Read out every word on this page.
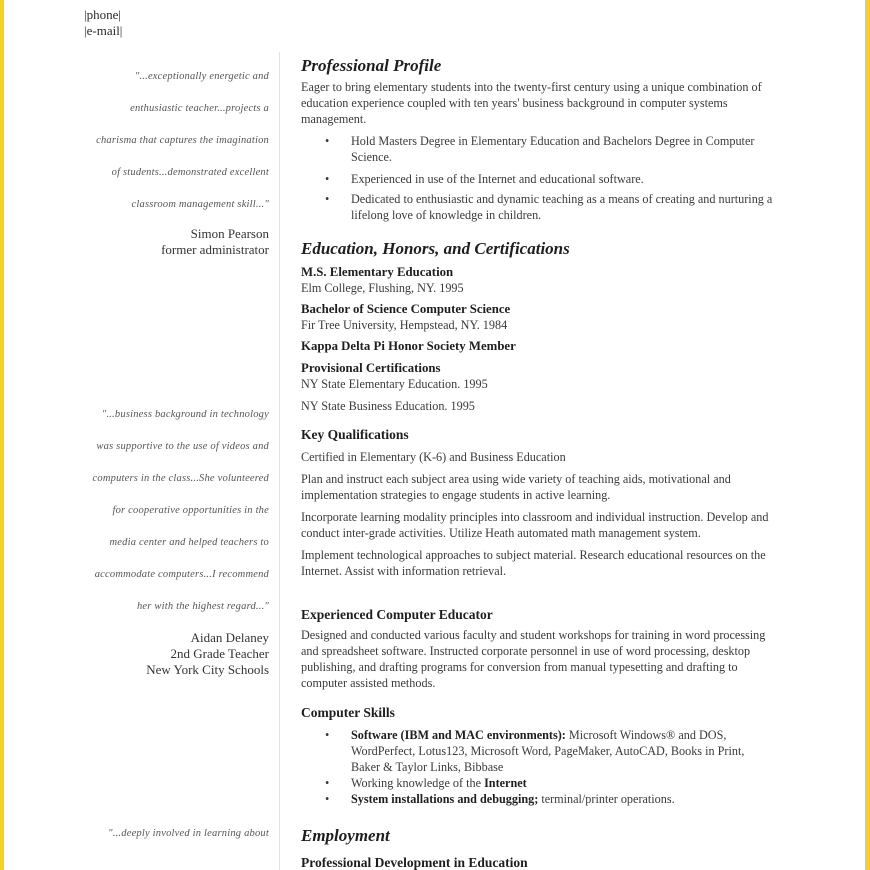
|phone|
|e-mail|
"...exceptionally energetic and
enthusiastic teacher...projects a
charisma that captures the imagination
of students...demonstrated excellent
classroom management skill..."
Simon Pearson
former administrator
"...business background in technology
was supportive to the use of videos and
computers in the class...She volunteered
for cooperative opportunities in the
media center and helped teachers to
accommodate computers...I recommend
her with the highest regard..."
Aidan Delaney
2nd Grade Teacher
New York City Schools
"...deeply involved in learning about
Professional Profile
Eager to bring elementary students into the twenty-first century using a unique combination of education experience coupled with ten years' business background in computer systems management.
• Hold Masters Degree in Elementary Education and Bachelors Degree in Computer Science.
• Experienced in use of the Internet and educational software.
• Dedicated to enthusiastic and dynamic teaching as a means of creating and nurturing a lifelong love of knowledge in children.
Education, Honors, and Certifications
M.S. Elementary Education
Elm College, Flushing, NY. 1995
Bachelor of Science Computer Science
Fir Tree University, Hempstead, NY. 1984
Kappa Delta Pi Honor Society Member
Provisional Certifications
NY State Elementary Education. 1995
NY State Business Education. 1995
Key Qualifications
Certified in Elementary (K-6) and Business Education
Plan and instruct each subject area using wide variety of teaching aids, motivational and implementation strategies to engage students in active learning.
Incorporate learning modality principles into classroom and individual instruction. Develop and conduct inter-grade activities. Utilize Heath automated math management system.
Implement technological approaches to subject material. Research educational resources on the Internet. Assist with information retrieval.
Experienced Computer Educator
Designed and conducted various faculty and student workshops for training in word processing and spreadsheet software. Instructed corporate personnel in use of word processing, desktop publishing, and drafting programs for conversion from manual typesetting and drafting to computer assisted methods.
Computer Skills
• Software (IBM and MAC environments): Microsoft Windows® and DOS, WordPerfect, Lotus123, Microsoft Word, PageMaker, AutoCAD, Books in Print, Baker & Taylor Links, Bibbase
• Working knowledge of the Internet
• System installations and debugging; terminal/printer operations.
Employment
Professional Development in Education
